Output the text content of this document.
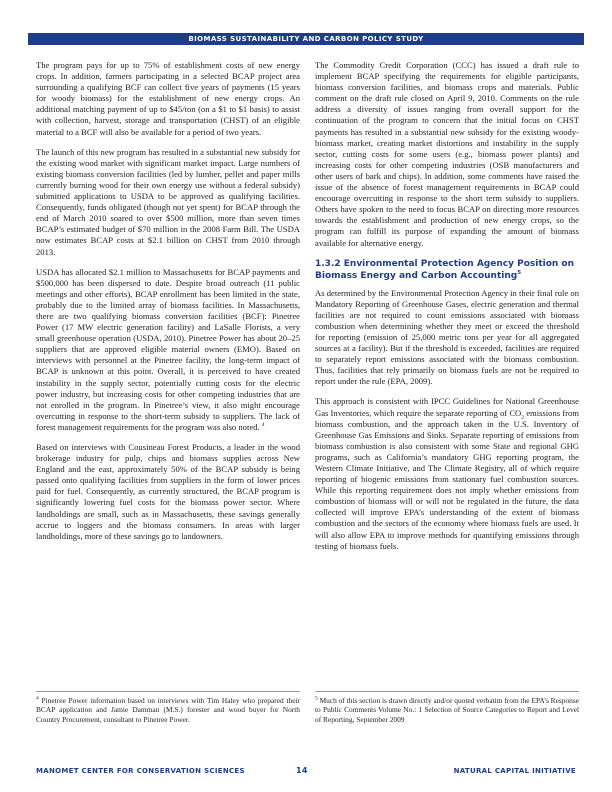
BIOMASS SUSTAINABILITY AND CARBON POLICY STUDY

The program pays for up to 75% of establishment costs of new energy crops. In addition, farmers participating in a selected BCAP project area surrounding a qualifying BCF can collect five years of payments (15 years for woody biomass) for the establishment of new energy crops. An additional matching payment of up to $45/ton (on a $1 to $1 basis) to assist with collection, harvest, storage and transportation (CHST) of an eligible material to a BCF will also be available for a period of two years.

The launch of this new program has resulted in a substantial new subsidy for the existing wood market with significant market impact. Large numbers of existing biomass conversion facilities (led by lumber, pellet and paper mills currently burning wood for their own energy use without a federal subsidy) submitted applications to USDA to be approved as qualifying facilities. Consequently, funds obligated (though not yet spent) for BCAP through the end of March 2010 soared to over $500 million, more than seven times BCAP’s estimated budget of $70 million in the 2008 Farm Bill. The USDA now estimates BCAP costs at $2.1 billion on CHST from 2010 through 2013.

USDA has allocated $2.1 million to Massachusetts for BCAP payments and $500,000 has been dispersed to date. Despite broad outreach (11 public meetings and other efforts), BCAP enrollment has been limited in the state, probably due to the limited array of biomass facilities. In Massachusetts, there are two qualifying biomass conversion facilities (BCF): Pinetree Power (17 MW electric generation facility) and LaSalle Florists, a very small greenhouse operation (USDA, 2010). Pinetree Power has about 20–25 suppliers that are approved eligible material owners (EMO). Based on interviews with personnel at the Pinetree facility, the long-term impact of BCAP is unknown at this point. Overall, it is perceived to have created instability in the supply sector, potentially cutting costs for the electric power industry, but increasing costs for other competing industries that are not enrolled in the program. In Pinetree’s view, it also might encourage overcutting in response to the short-term subsidy to suppliers. The lack of forest management requirements for the program was also noted. $^4$

Based on interviews with Cousineau Forest Products, a leader in the wood brokerage industry for pulp, chips and biomass supplies across New England and the east, approximately 50% of the BCAP subsidy is being passed onto qualifying facilities from suppliers in the form of lower prices paid for fuel. Consequently, as currently structured, the BCAP program is significantly lowering fuel costs for the biomass power sector. Where landholdings are small, such as in Massachusetts, these savings generally accrue to loggers and the biomass consumers. In areas with larger landholdings, more of these savings go to landowners.

The Commodity Credit Corporation (CCC) has issued a draft rule to implement BCAP specifying the requirements for eligible participants, biomass conversion facilities, and biomass crops and materials. Public comment on the draft rule closed on April 9, 2010. Comments on the rule address a diversity of issues ranging from overall support for the continuation of the program to concern that the initial focus on CHST payments has resulted in a substantial new subsidy for the existing woody-biomass market, creating market distortions and instability in the supply sector, cutting costs for some users (e.g., biomass power plants) and increasing costs for other competing industries (OSB manufacturers and other users of bark and chips). In addition, some comments have raised the issue of the absence of forest management requirements in BCAP could encourage overcutting in response to the short term subsidy to suppliers. Others have spoken to the need to focus BCAP on directing more resources towards the establishment and production of new energy crops, so the program can fulfill its purpose of expanding the amount of biomass available for alternative energy.

1.3.2 Environmental Protection Agency Position on Biomass Energy and Carbon Accounting$^5$

As determined by the Environmental Protection Agency in their final rule on Mandatory Reporting of Greenhouse Gases, electric generation and thermal facilities are not required to count emissions associated with biomass combustion when determining whether they meet or exceed the threshold for reporting (emission of 25,000 metric tons per year for all aggregated sources at a facility). But if the threshold is exceeded, facilities are required to separately report emissions associated with the biomass combustion. Thus, facilities that rely primarily on biomass fuels are not be required to report under the rule (EPA, 2009).

This approach is consistent with IPCC Guidelines for National Greenhouse Gas Inventories, which require the separate reporting of $CO_2$ emissions from biomass combustion, and the approach taken in the U.S. Inventory of Greenhouse Gas Emissions and Sinks. Separate reporting of emissions from biomass combustion is also consistent with some State and regional GHG programs, such as California’s mandatory GHG reporting program, the Western Climate Initiative, and The Climate Registry, all of which require reporting of biogenic emissions from stationary fuel combustion sources. While this reporting requirement does not imply whether emissions from combustion of biomass will or will not be regulated in the future, the data collected will improve EPA’s understanding of the extent of biomass combustion and the sectors of the economy where biomass fuels are used. It will also allow EPA to improve methods for quantifying emissions through testing of biomass fuels.

$^4$ Pinetree Power information based on interviews with Tim Haley who prepared their BCAP application and Jamie Damman (M.S.) forester and wood buyer for North Country Procurement, consultant to Pinetree Power.
$^5$ Much of this section is drawn directly and/or quoted verbatim from the EPA’s Response to Public Comments Volume No.: 1 Selection of Source Categories to Report and Level of Reporting, September 2009
MANOMET CENTER FOR CONSERVATION SCIENCES	14	NATURAL CAPITAL INITIATIVE
